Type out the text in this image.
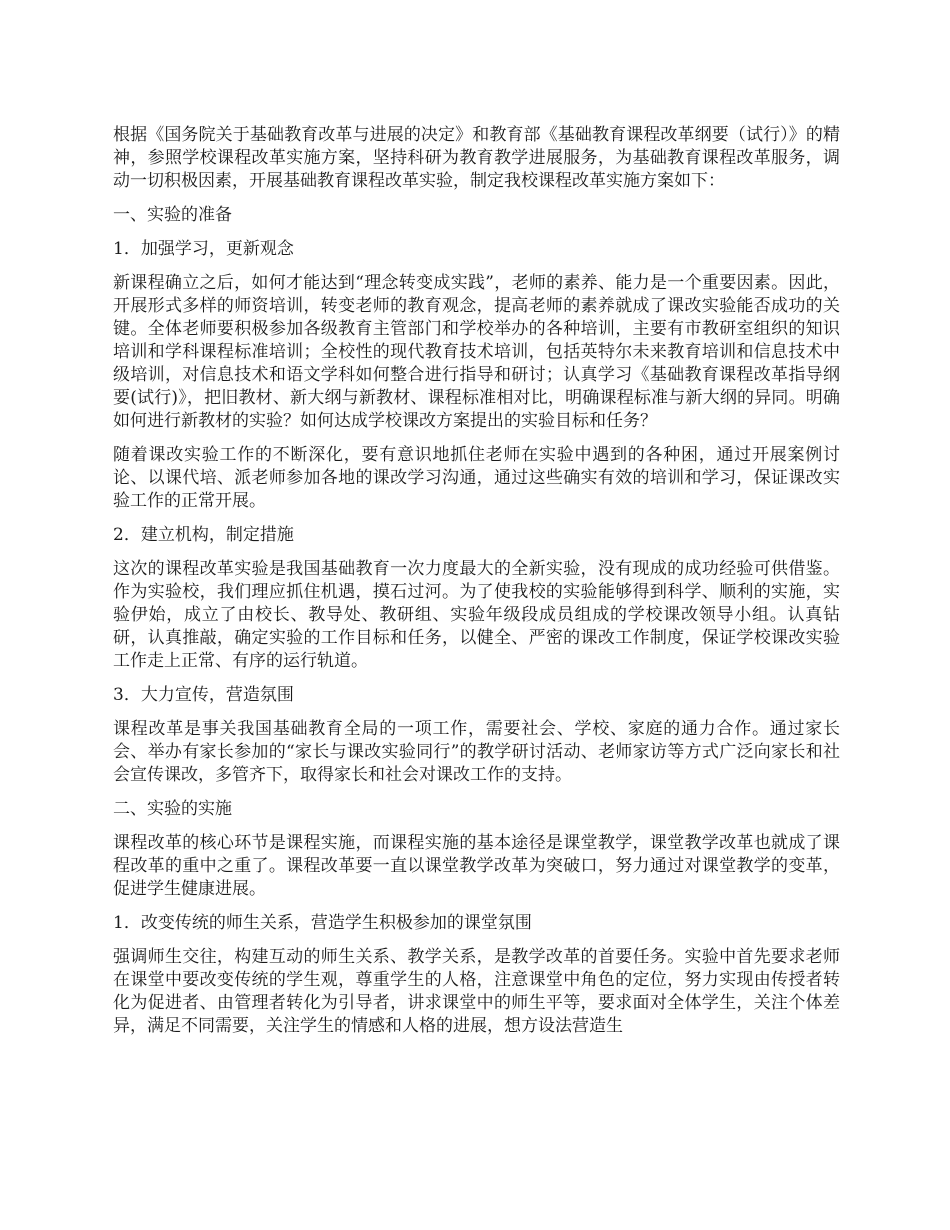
根据《国务院关于基础教育改革与进展的决定》和教育部《基础教育课程改革纲要（试行）》的精神，参照学校课程改革实施方案，坚持科研为教育教学进展服务，为基础教育课程改革服务，调动一切积极因素，开展基础教育课程改革实验，制定我校课程改革实施方案如下：

一、实验的准备

1．加强学习，更新观念

新课程确立之后，如何才能达到“理念转变成实践”，老师的素养、能力是一个重要因素。因此，开展形式多样的师资培训，转变老师的教育观念，提高老师的素养就成了课改实验能否成功的关键。全体老师要积极参加各级教育主管部门和学校举办的各种培训，主要有市教研室组织的知识培训和学科课程标准培训；全校性的现代教育技术培训，包括英特尔未来教育培训和信息技术中级培训，对信息技术和语文学科如何整合进行指导和研讨；认真学习《基础教育课程改革指导纲要(试行)》，把旧教材、新大纲与新教材、课程标准相对比，明确课程标准与新大纲的异同。明确如何进行新教材的实验？如何达成学校课改方案提出的实验目标和任务？

随着课改实验工作的不断深化，要有意识地抓住老师在实验中遇到的各种困，通过开展案例讨论、以课代培、派老师参加各地的课改学习沟通，通过这些确实有效的培训和学习，保证课改实验工作的正常开展。

2．建立机构，制定措施

这次的课程改革实验是我国基础教育一次力度最大的全新实验，没有现成的成功经验可供借鉴。作为实验校，我们理应抓住机遇，摸石过河。为了使我校的实验能够得到科学、顺利的实施，实验伊始，成立了由校长、教导处、教研组、实验年级段成员组成的学校课改领导小组。认真钻研，认真推敲，确定实验的工作目标和任务，以健全、严密的课改工作制度，保证学校课改实验工作走上正常、有序的运行轨道。

3．大力宣传，营造氛围

课程改革是事关我国基础教育全局的一项工作，需要社会、学校、家庭的通力合作。通过家长会、举办有家长参加的“家长与课改实验同行”的教学研讨活动、老师家访等方式广泛向家长和社会宣传课改，多管齐下，取得家长和社会对课改工作的支持。

二、实验的实施

课程改革的核心环节是课程实施，而课程实施的基本途径是课堂教学，课堂教学改革也就成了课程改革的重中之重了。课程改革要一直以课堂教学改革为突破口，努力通过对课堂教学的变革，促进学生健康进展。

1．改变传统的师生关系，营造学生积极参加的课堂氛围

强调师生交往，构建互动的师生关系、教学关系，是教学改革的首要任务。实验中首先要求老师在课堂中要改变传统的学生观，尊重学生的人格，注意课堂中角色的定位，努力实现由传授者转化为促进者、由管理者转化为引导者，讲求课堂中的师生平等，要求面对全体学生，关注个体差异，满足不同需要，关注学生的情感和人格的进展，想方设法营造生
